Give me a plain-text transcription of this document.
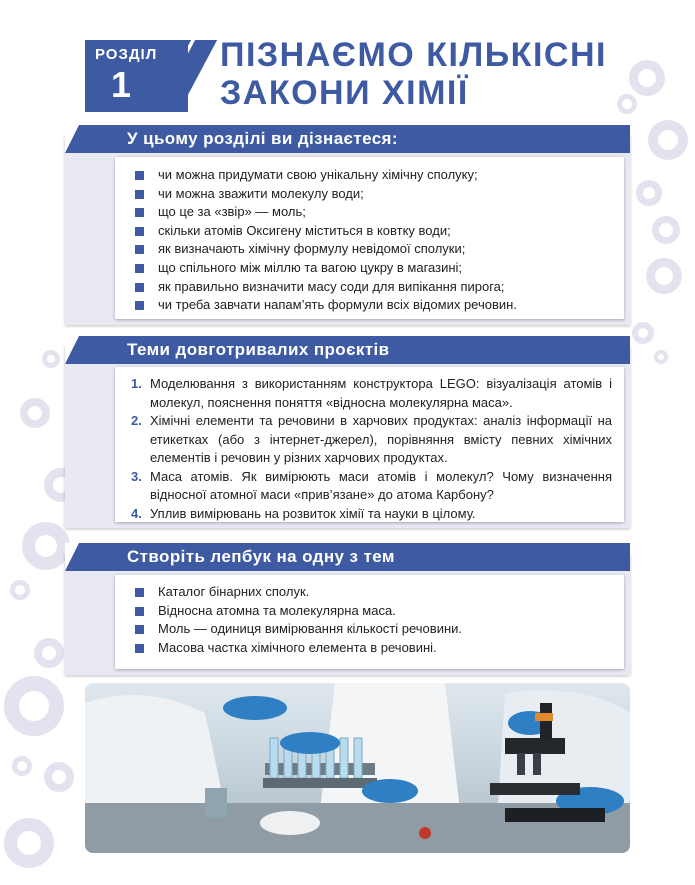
РОЗДІЛ
1
ПІЗНАЄМО КІЛЬКІСНІ
ЗАКОНИ ХІМІЇ
чи можна придумати свою унікальну хімічну сполуку;
чи можна зважити молекулу води;
що це за «звір» — моль;
скільки атомів Оксигену міститься в ковтку води;
як визначають хімічну формулу невідомої сполуки;
що спільного між міллю та вагою цукру в магазині;
як правильно визначити масу соди для випікання пирога;
чи треба завчати напам’ять формули всіх відомих речовин.
У цьому розділі ви дізнаєтеся:
1. Моделювання з використанням конструктора LEGO: візуалізація атомів і молекул, пояснення поняття «відносна молекулярна маса».
2. Хімічні елементи та речовини в харчових продуктах: аналіз інформації на етикетках (або з інтернет-джерел), порівняння вмісту певних хімічних елементів і речовин у різних харчових продуктах.
3. Маса атомів. Як вимірюють маси атомів і молекул? Чому визначення відносної атомної маси «прив’язане» до атома Карбону?
4. Уплив вимірювань на розвиток хімії та науки в цілому.
Теми довготривалих проєктів
Каталог бінарних сполук.
Відносна атомна та молекулярна маса.
Моль — одиниця вимірювання кількості речовини.
Масова частка хімічного елемента в речовині.
Створіть лепбук на одну з тем
